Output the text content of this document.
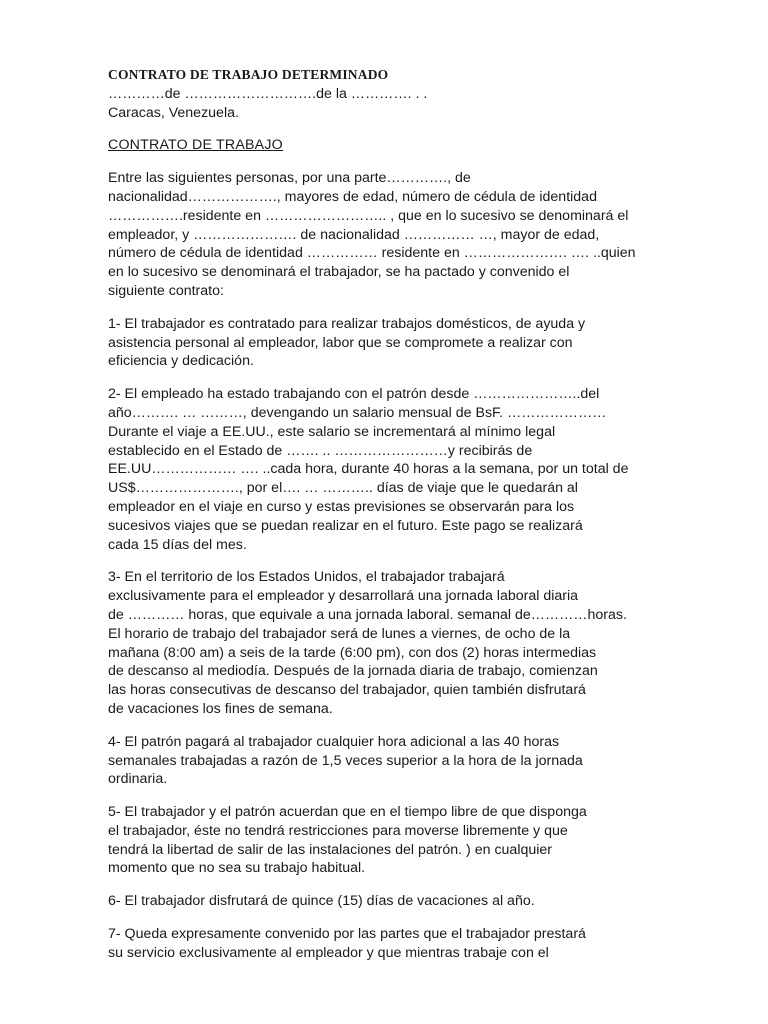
CONTRATO DE TRABAJO DETERMINADO

…………de ……………………….de la …………. . .

Caracas, Venezuela.

CONTRATO DE TRABAJO

Entre las siguientes personas, por una parte…………., de
nacionalidad………………., mayores de edad, número de cédula de identidad
…………….residente en …………………….. , que en lo sucesivo se denominará el
empleador, y …………………. de nacionalidad …………… …, mayor de edad,
número de cédula de identidad …………… residente en …………………. …. ..quien
en lo sucesivo se denominará el trabajador, se ha pactado y convenido el
siguiente contrato:

1- El trabajador es contratado para realizar trabajos domésticos, de ayuda y
asistencia personal al empleador, labor que se compromete a realizar con
eficiencia y dedicación.

2- El empleado ha estado trabajando con el patrón desde …………………..del
año………. … ………, devengando un salario mensual de BsF. …………………
Durante el viaje a EE.UU., este salario se incrementará al mínimo legal
establecido en el Estado de ……. .. ……………………y recibirás de
EE.UU……………… …. ..cada hora, durante 40 horas a la semana, por un total de
US$…………………., por el…. … ……….. días de viaje que le quedarán al
empleador en el viaje en curso y estas previsiones se observarán para los
sucesivos viajes que se puedan realizar en el futuro. Este pago se realizará
cada 15 días del mes.

3- En el territorio de los Estados Unidos, el trabajador trabajará
exclusivamente para el empleador y desarrollará una jornada laboral diaria
de ………… horas, que equivale a una jornada laboral. semanal de…………horas.
El horario de trabajo del trabajador será de lunes a viernes, de ocho de la
mañana (8:00 am) a seis de la tarde (6:00 pm), con dos (2) horas intermedias
de descanso al mediodía. Después de la jornada diaria de trabajo, comienzan
las horas consecutivas de descanso del trabajador, quien también disfrutará
de vacaciones los fines de semana.

4- El patrón pagará al trabajador cualquier hora adicional a las 40 horas
semanales trabajadas a razón de 1,5 veces superior a la hora de la jornada
ordinaria.

5- El trabajador y el patrón acuerdan que en el tiempo libre de que disponga
el trabajador, éste no tendrá restricciones para moverse libremente y que
tendrá la libertad de salir de las instalaciones del patrón. ) en cualquier
momento que no sea su trabajo habitual.

6- El trabajador disfrutará de quince (15) días de vacaciones al año.

7- Queda expresamente convenido por las partes que el trabajador prestará
su servicio exclusivamente al empleador y que mientras trabaje con el
